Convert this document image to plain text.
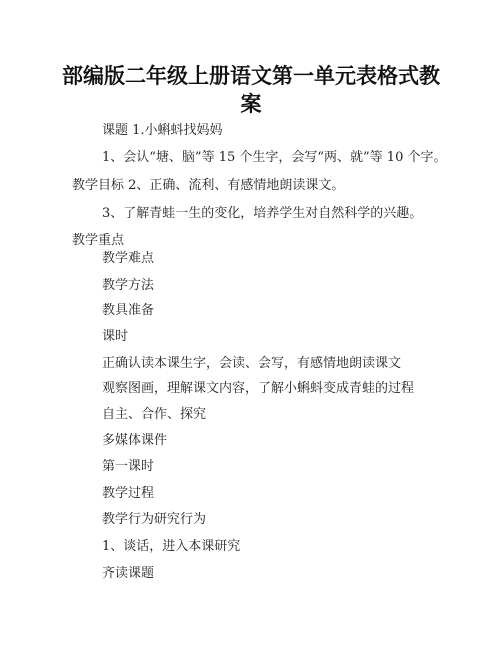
部编版二年级上册语文第一单元表格式教
案
课题 1.小蝌蚪找妈妈
1、会认“塘、脑”等 15 个生字，会写“两、就”等 10 个字。
教学目标 2、正确、流利、有感情地朗读课文。
3、了解青蛙一生的变化，培养学生对自然科学的兴趣。
教学重点
教学难点
教学方法
教具准备
课时
正确认读本课生字，会读、会写，有感情地朗读课文
观察图画，理解课文内容，了解小蝌蚪变成青蛙的过程
自主、合作、探究
多媒体课件
第一课时
教学过程
教学行为研究行为
1、谈话，进入本课研究
齐读课题
